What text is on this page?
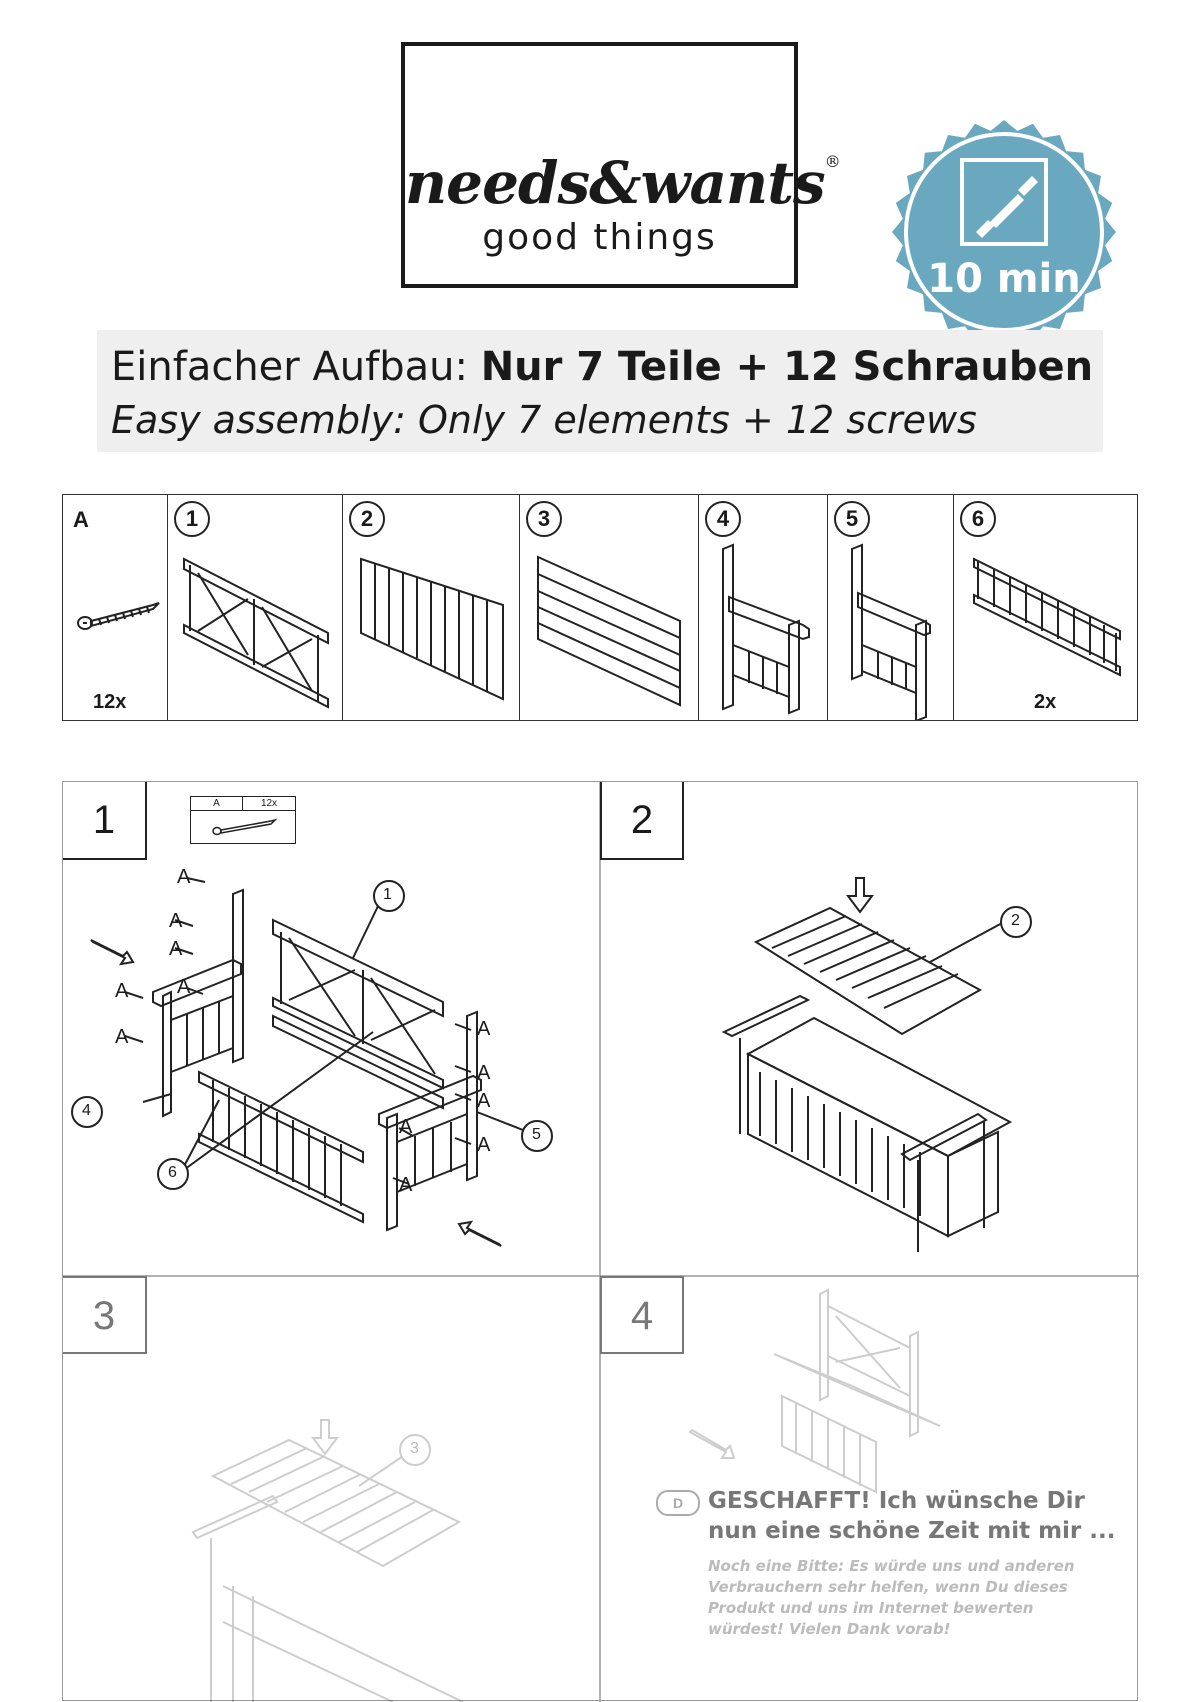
needs&wants®
good things
10 min
Einfacher Aufbau: Nur 7 Teile + 12 Schrauben
Easy assembly: Only 7 elements + 12 screws
A
12x
1	2	3	4	5	6
2x
1	A	12x
1
4
5
6
A
A
A
A A
A	A
A
A
A
A
A
2
2
3
3
4
D	GESCHAFFT! Ich wünsche Dir
nun eine schöne Zeit mit mir ...
Noch eine Bitte: Es würde uns und anderen
Verbrauchern sehr helfen, wenn Du dieses
Produkt und uns im Internet bewerten
würdest! Vielen Dank vorab!
